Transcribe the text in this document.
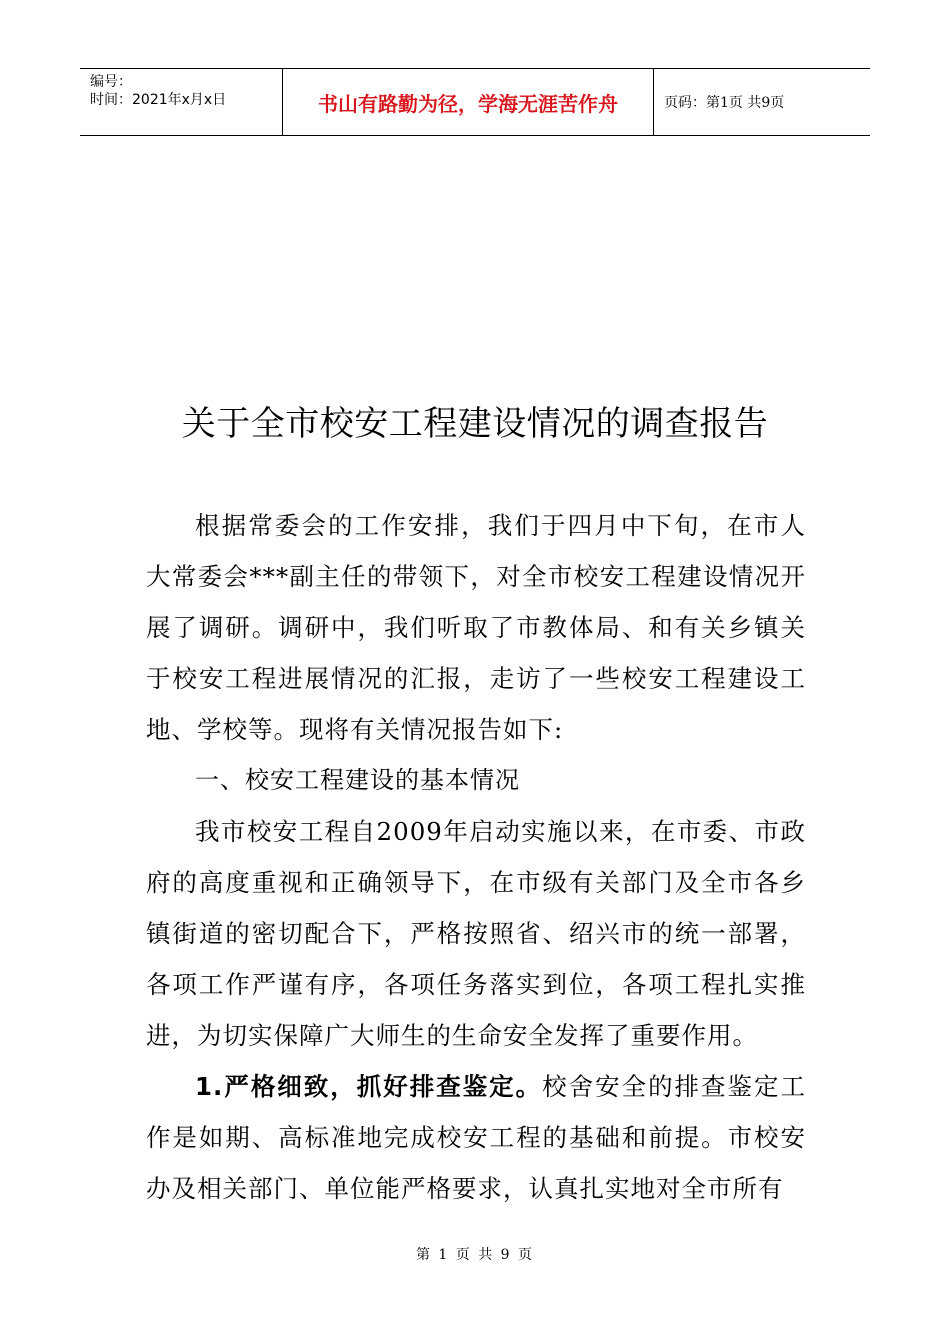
编号：
时间：2021年x月x日	书山有路勤为径，学海无涯苦作舟	页码：第1页 共9页
关于全市校安工程建设情况的调查报告

根据常委会的工作安排，我们于四月中下旬，在市人大常委会***副主任的带领下，对全市校安工程建设情况开展了调研。调研中，我们听取了市教体局、和有关乡镇关于校安工程进展情况的汇报，走访了一些校安工程建设工地、学校等。现将有关情况报告如下:

一、校安工程建设的基本情况

我市校安工程自2009年启动实施以来，在市委、市政府的高度重视和正确领导下，在市级有关部门及全市各乡镇街道的密切配合下，严格按照省、绍兴市的统一部署，各项工作严谨有序，各项任务落实到位，各项工程扎实推进，为切实保障广大师生的生命安全发挥了重要作用。

1.严格细致，抓好排查鉴定。校舍安全的排查鉴定工作是如期、高标准地完成校安工程的基础和前提。市校安办及相关部门、单位能严格要求，认真扎实地对全市所有

第 1 页 共 9 页
